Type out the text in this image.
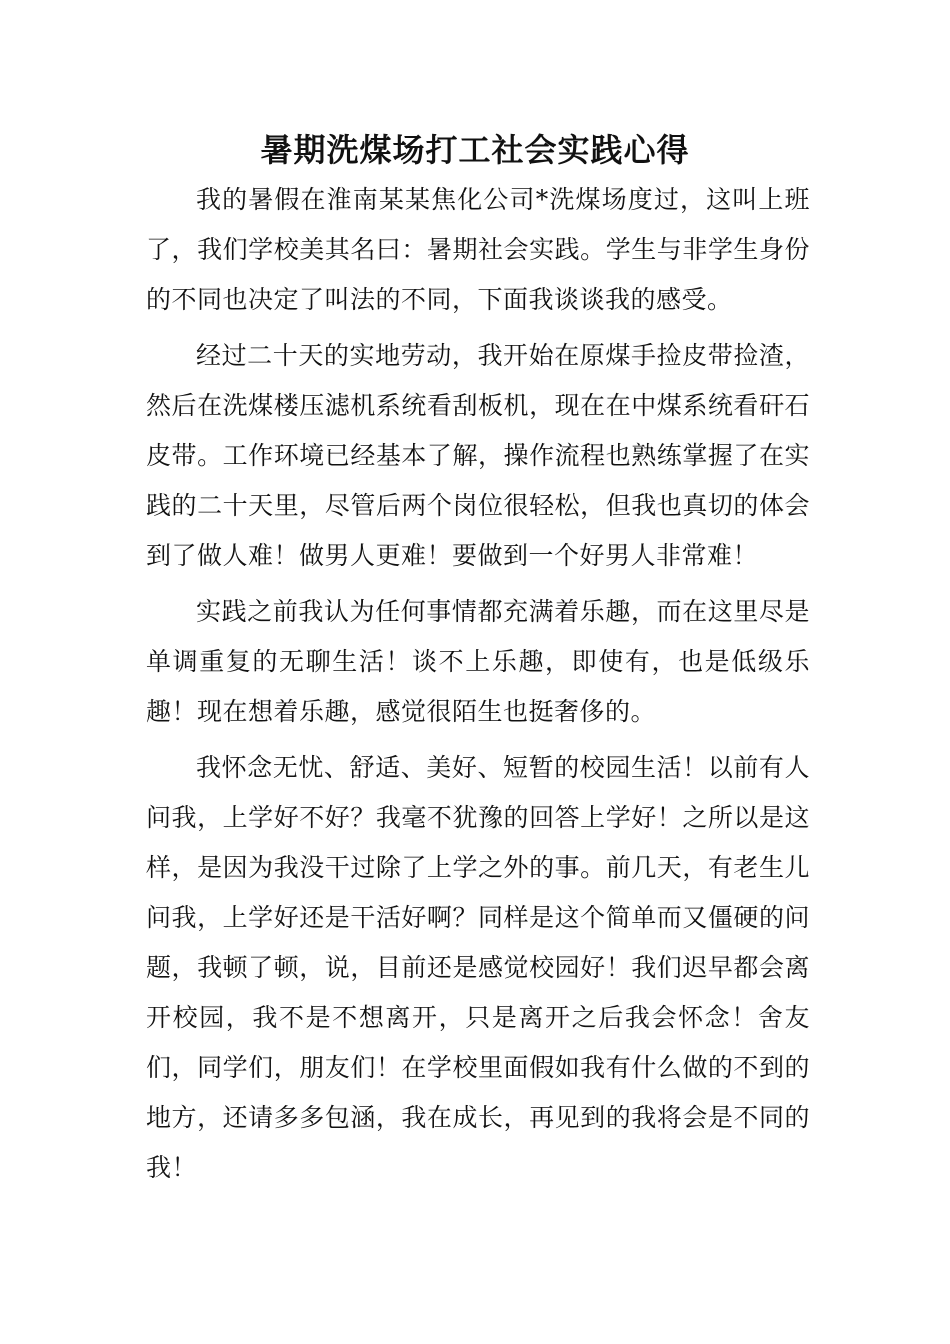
暑期洗煤场打工社会实践心得

我的暑假在淮南某某焦化公司*洗煤场度过，这叫上班了，我们学校美其名曰：暑期社会实践。学生与非学生身份的不同也决定了叫法的不同，下面我谈谈我的感受。

经过二十天的实地劳动，我开始在原煤手捡皮带捡渣，然后在洗煤楼压滤机系统看刮板机，现在在中煤系统看矸石皮带。工作环境已经基本了解，操作流程也熟练掌握了在实践的二十天里，尽管后两个岗位很轻松，但我也真切的体会到了做人难！做男人更难！要做到一个好男人非常难！

实践之前我认为任何事情都充满着乐趣，而在这里尽是单调重复的无聊生活！谈不上乐趣，即使有，也是低级乐趣！现在想着乐趣，感觉很陌生也挺奢侈的。

我怀念无忧、舒适、美好、短暂的校园生活！以前有人问我，上学好不好？我毫不犹豫的回答上学好！之所以是这样，是因为我没干过除了上学之外的事。前几天，有老生儿问我，上学好还是干活好啊？同样是这个简单而又僵硬的问题，我顿了顿，说，目前还是感觉校园好！我们迟早都会离开校园，我不是不想离开，只是离开之后我会怀念！舍友们，同学们，朋友们！在学校里面假如我有什么做的不到的地方，还请多多包涵，我在成长，再见到的我将会是不同的我！
